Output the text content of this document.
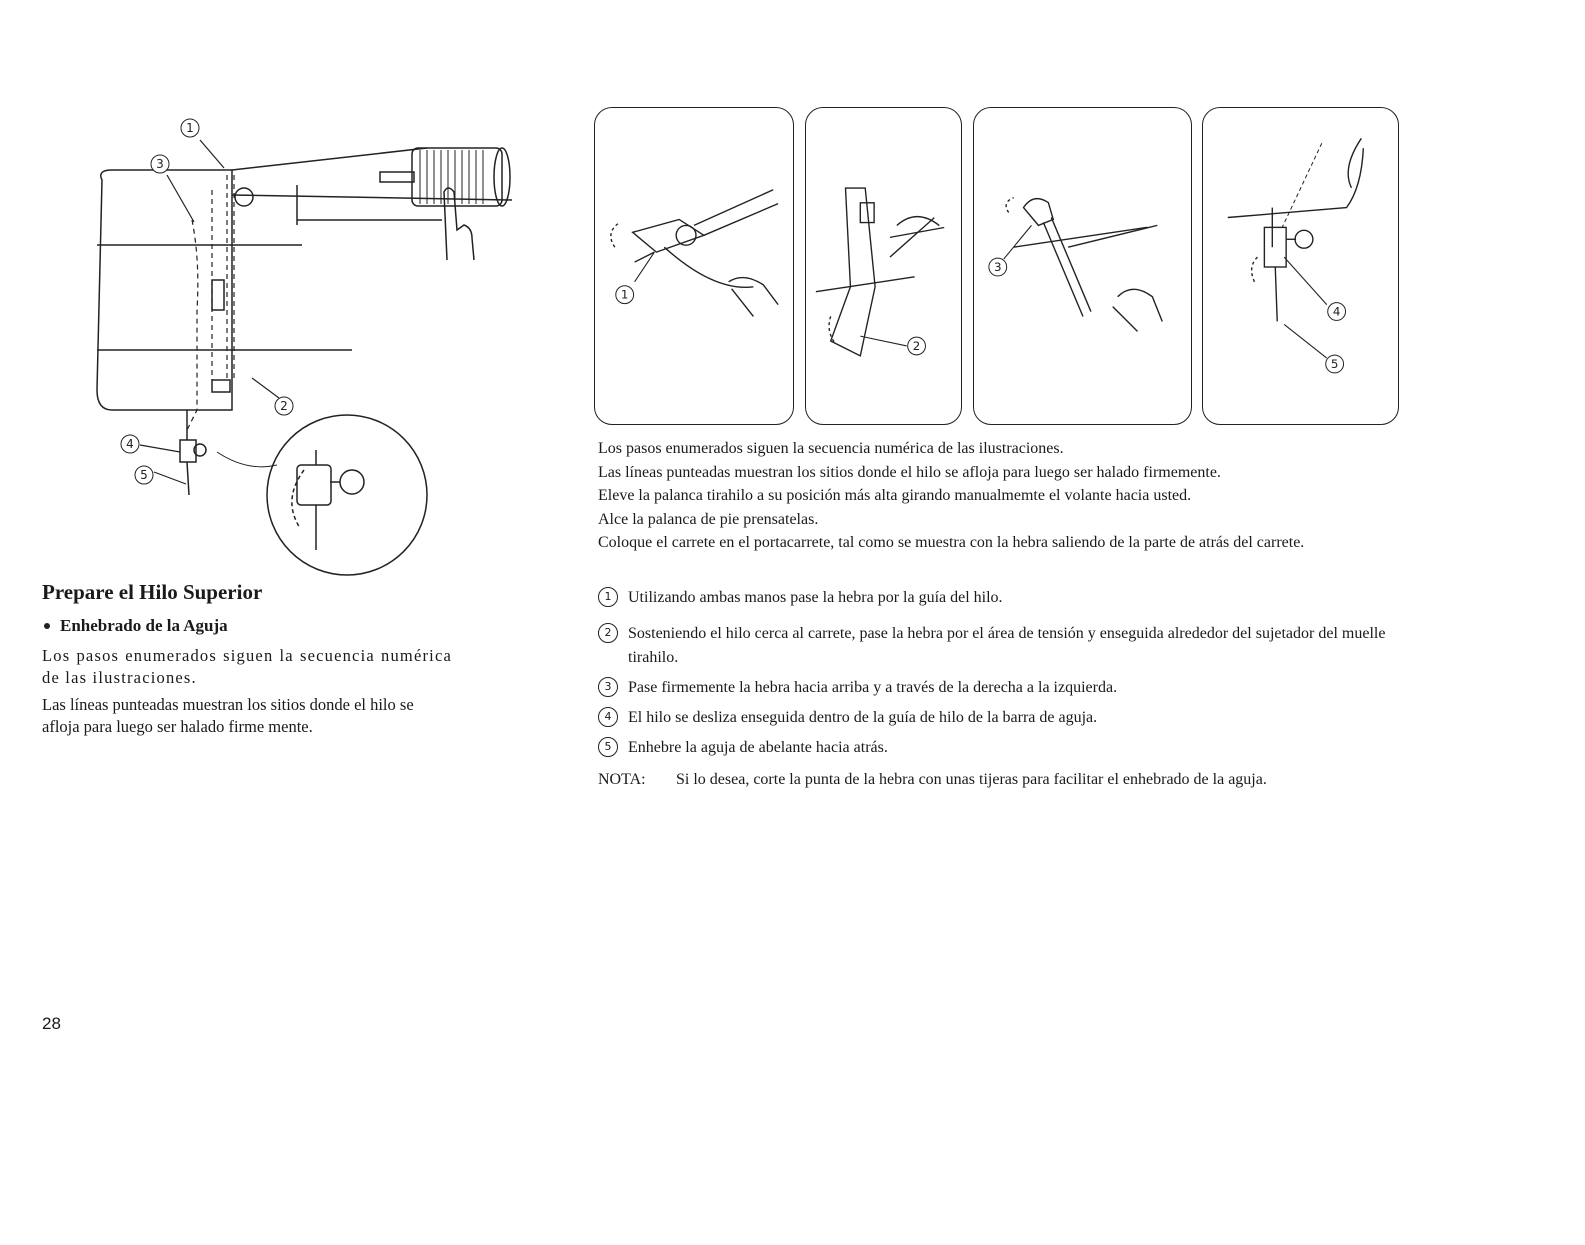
1
3
2
4
5
1
2
3
4
5
Prepare el Hilo Superior
Enhebrado de la Aguja
Los pasos enumerados siguen la secuencia numérica de las ilustraciones.
Las líneas punteadas muestran los sitios donde el hilo se afloja para luego ser halado firme mente.
Los pasos enumerados siguen la secuencia numérica de las ilustraciones.
Las líneas punteadas muestran los sitios donde el hilo se afloja para luego ser halado firmemente.
Eleve la palanca tirahilo a su posición más alta girando manualmemte el volante hacia usted.
Alce la palanca de pie prensatelas.
Coloque el carrete en el portacarrete, tal como se muestra con la hebra saliendo de la parte de atrás del carrete.
1	Utilizando ambas manos pase la hebra por la guía del hilo.
2	Sosteniendo el hilo cerca al carrete, pase la hebra por el área de tensión y enseguida alrededor del sujetador del muelle tirahilo.
3	Pase firmemente la hebra hacia arriba y a través de la derecha a la izquierda.
4	El hilo se desliza enseguida dentro de la guía de hilo de la barra de aguja.
5	Enhebre la aguja de abelante hacia atrás.
NOTA: Si lo desea, corte la punta de la hebra con unas tijeras para facilitar el enhebrado de la aguja.
28
